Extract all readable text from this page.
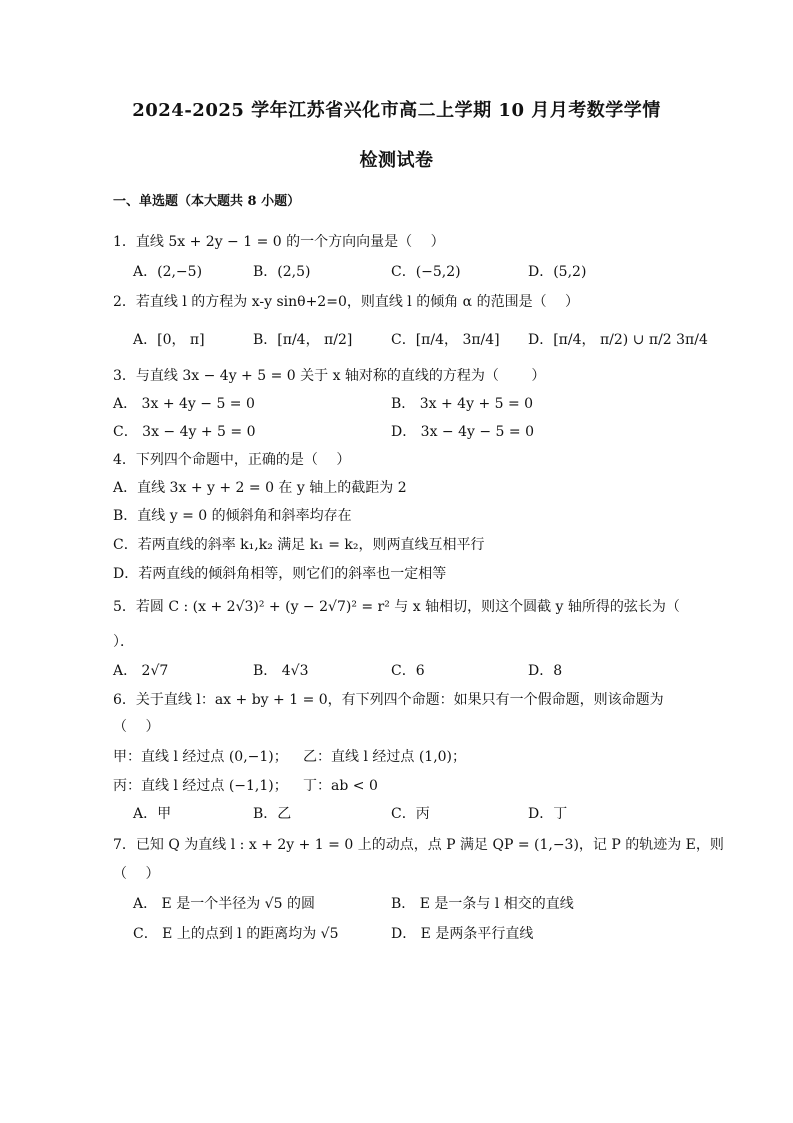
2024-2025 学年江苏省兴化市高二上学期 10 月月考数学学情
检测试卷
一、单选题（本大题共 8 小题）
1．直线 5x + 2y − 1 = 0 的一个方向向量是（　 ）
A．(2,−5)	B．(2,5)	C．(−5,2)	D．(5,2)
2．若直线 l 的方程为 x-y sinθ+2=0，则直线 l 的倾角 α 的范围是（　 ）
A．[0， π]	B．[π/4， π/2]	C．[π/4， 3π/4] D．[π/4， π/2) ∪ π/2 3π/4
3．与直线 3x − 4y + 5 = 0 关于 x 轴对称的直线的方程为（　　 ）
A． 3x + 4y − 5 = 0	B． 3x + 4y + 5 = 0
C． 3x − 4y + 5 = 0	D． 3x − 4y − 5 = 0
4．下列四个命题中，正确的是（　 ）
A．直线 3x + y + 2 = 0 在 y 轴上的截距为 2
B．直线 y = 0 的倾斜角和斜率均存在
C．若两直线的斜率 k₁,k₂ 满足 k₁ = k₂，则两直线互相平行
D．若两直线的倾斜角相等，则它们的斜率也一定相等
5．若圆 C : (x + 2√3)² + (y − 2√7)² = r² 与 x 轴相切，则这个圆截 y 轴所得的弦长为（
）．
A． 2√7	B． 4√3	C．6	D．8
6．关于直线 l：ax + by + 1 = 0，有下列四个命题：如果只有一个假命题，则该命题为
（　 ）
甲：直线 l 经过点 (0,−1)； 乙：直线 l 经过点 (1,0)；
丙：直线 l 经过点 (−1,1)； 丁：ab < 0
A．甲	B．乙	C．丙	D．丁
7．已知 Q 为直线 l : x + 2y + 1 = 0 上的动点，点 P 满足 QP = (1,−3)，记 P 的轨迹为 E，则
（　 ）
A． E 是一个半径为 √5 的圆	B． E 是一条与 l 相交的直线
C． E 上的点到 l 的距离均为 √5	D． E 是两条平行直线
